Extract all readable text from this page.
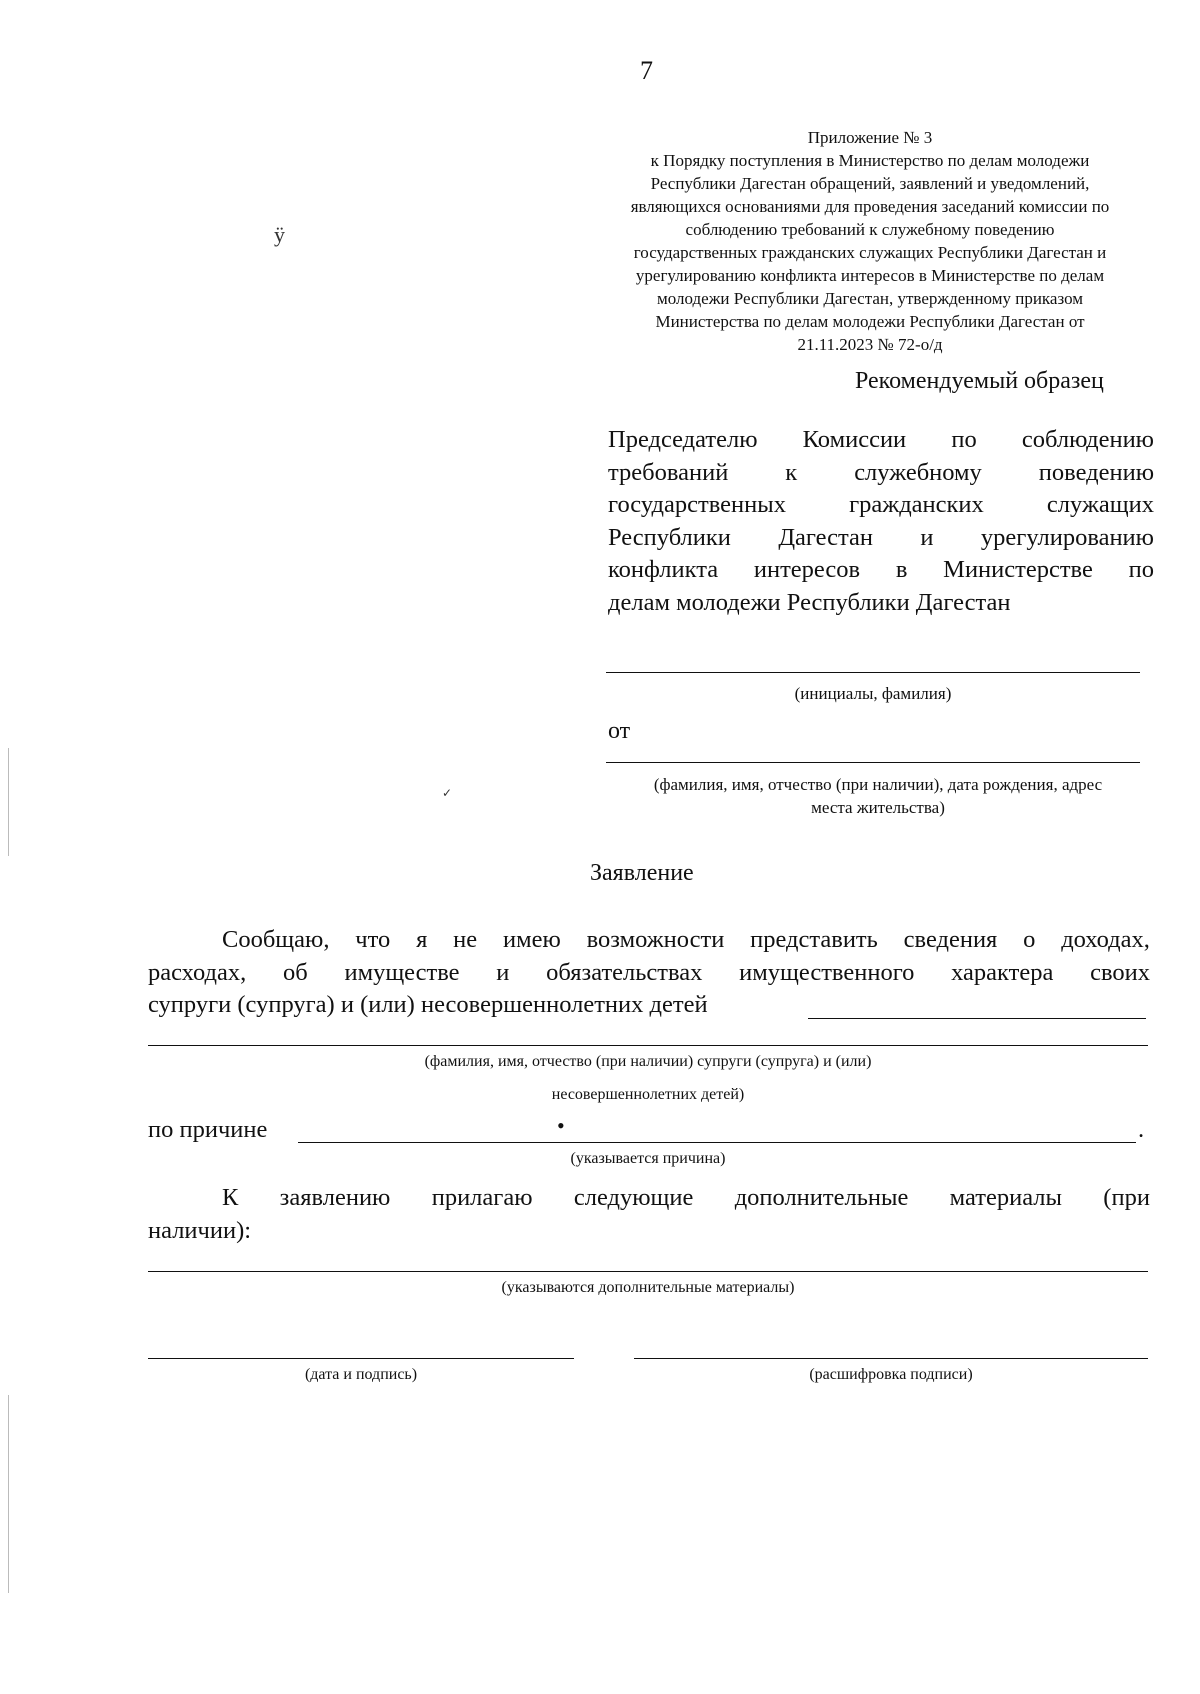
7
Приложение № 3
к Порядку поступления в Министерство по делам молодежи
Республики Дагестан обращений, заявлений и уведомлений,
являющихся основаниями для проведения заседаний комиссии по
соблюдению требований к служебному поведению
государственных гражданских служащих Республики Дагестан и
урегулированию конфликта интересов в Министерстве по делам
молодежи Республики Дагестан, утвержденному приказом
Министерства по делам молодежи Республики Дагестан от
21.11.2023 № 72-о/д
Рекомендуемый образец
Председателю Комиссии по соблюдению
требований к служебному поведению
государственных	гражданских	служащих
Республики Дагестан и урегулированию
конфликта интересов в Министерстве по
делам молодежи Республики Дагестан
(инициалы, фамилия)
от
(фамилия, имя, отчество (при наличии), дата рождения, адрес
места жительства)
Заявление
Сообщаю, что я не имею возможности представить сведения о доходах,
расходах, об имуществе и обязательствах имущественного характера своих
супруги (супруга) и (или) несовершеннолетних детей
(фамилия, имя, отчество (при наличии) супруги (супруга) и (или)
несовершеннолетних детей)
по причине	.
•
(указывается причина)
К заявлению прилагаю следующие дополнительные материалы (при
наличии):
(указываются дополнительные материалы)
(дата и подпись)	(расшифровка подписи)
ÿ
✓
